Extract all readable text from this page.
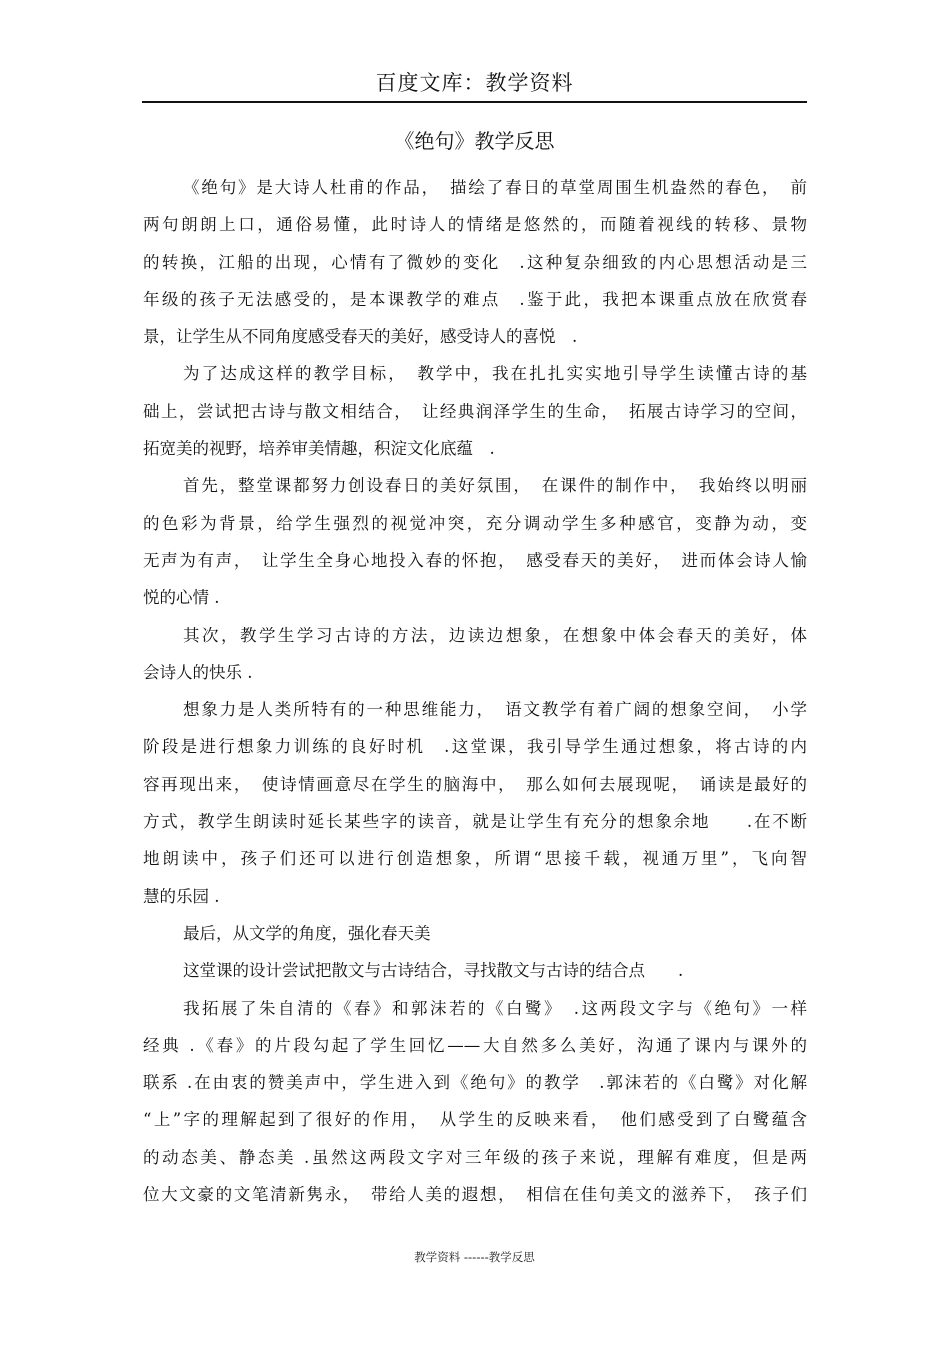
百度文库：教学资料
《绝句》教学反思
《绝句》是大诗人杜甫的作品，　描绘了春日的草堂周围生机盎然的春色，　前
两句朗朗上口，通俗易懂，此时诗人的情绪是悠然的，而随着视线的转移、景物
的转换，江船的出现，心情有了微妙的变化　.这种复杂细致的内心思想活动是三
年级的孩子无法感受的，是本课教学的难点　.鉴于此，我把本课重点放在欣赏春
景，让学生从不同角度感受春天的美好，感受诗人的喜悦　.
为了达成这样的教学目标，　教学中，我在扎扎实实地引导学生读懂古诗的基
础上，尝试把古诗与散文相结合，　让经典润泽学生的生命，　拓展古诗学习的空间，
拓宽美的视野，培养审美情趣，积淀文化底蕴　.
首先，整堂课都努力创设春日的美好氛围，　在课件的制作中，　我始终以明丽
的色彩为背景，给学生强烈的视觉冲突，充分调动学生多种感官，变静为动，变
无声为有声，　让学生全身心地投入春的怀抱，　感受春天的美好，　进而体会诗人愉
悦的心情 .
其次，教学生学习古诗的方法，边读边想象，在想象中体会春天的美好，体
会诗人的快乐 .
想象力是人类所特有的一种思维能力，　语文教学有着广阔的想象空间，　小学
阶段是进行想象力训练的良好时机　.这堂课，我引导学生通过想象，将古诗的内
容再现出来，　使诗情画意尽在学生的脑海中，　那么如何去展现呢，　诵读是最好的
方式，教学生朗读时延长某些字的读音，就是让学生有充分的想象余地　　.在不断
地朗读中，孩子们还可以进行创造想象，所谓“思接千载，视通万里”，飞向智
慧的乐园 .
最后，从文学的角度，强化春天美
这堂课的设计尝试把散文与古诗结合，寻找散文与古诗的结合点　　.
我拓展了朱自清的《春》和郭沫若的《白鹭》　.这两段文字与《绝句》一样
经典 .《春》的片段勾起了学生回忆——大自然多么美好，沟通了课内与课外的
联系 .在由衷的赞美声中，学生进入到《绝句》的教学　.郭沫若的《白鹭》对化解
“上”字的理解起到了很好的作用，　从学生的反映来看，　他们感受到了白鹭蕴含
的动态美、静态美 .虽然这两段文字对三年级的孩子来说，理解有难度，但是两
位大文豪的文笔清新隽永，　带给人美的遐想，　相信在佳句美文的滋养下，　孩子们
教学资料 ------教学反思
